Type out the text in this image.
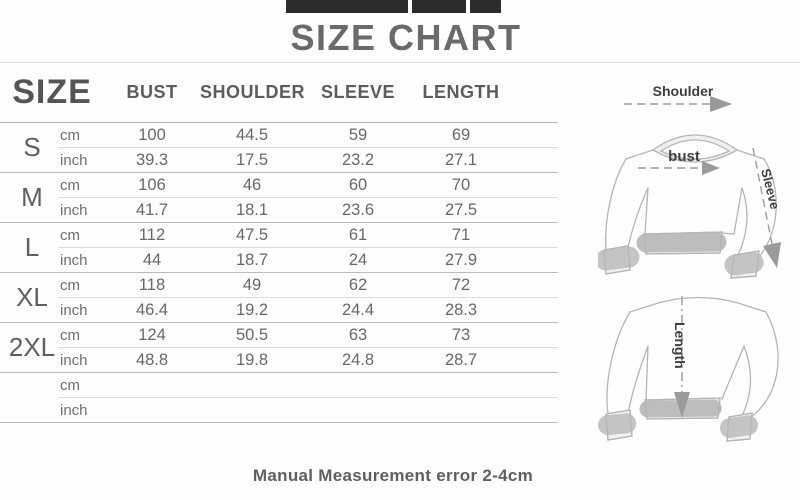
SIZE CHART
SIZE		BUST	SHOULDER	SLEEVE	LENGTH
S	cm	100	44.5	59	69
	inch	39.3	17.5	23.2	27.1
M	cm	106	46	60	70
	inch	41.7	18.1	23.6	27.5
L	cm	112	47.5	61	71
	inch	44	18.7	24	27.9
XL	cm	118	49	62	72
	inch	46.4	19.2	24.4	28.3
2XL	cm	124	50.5	63	73
	inch	48.8	19.8	24.8	28.7
	cm				
	inch				
Shoulder
bust
Sleeve
Length
Manual Measurement error 2-4cm
